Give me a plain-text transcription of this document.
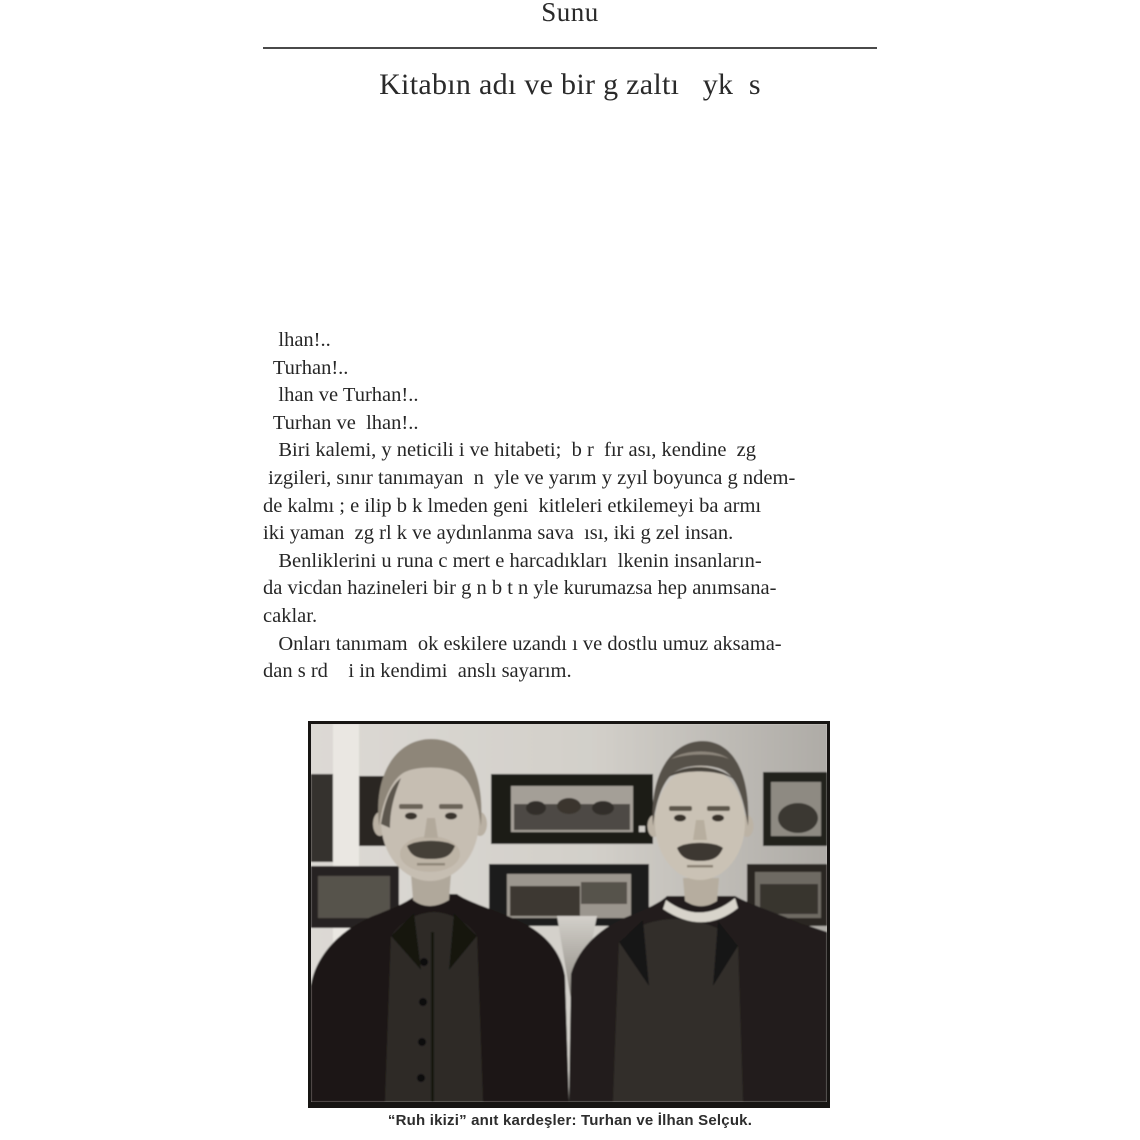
Sunu
Kitabın adı ve bir g zaltı   yk  s
lhan!..
Turhan!..
lhan ve Turhan!..
Turhan ve  lhan!..
Biri kalemi, y neticili i ve hitabeti;  b r  fır ası, kendine  zg
izgileri, sınır tanımayan  n  yle ve yarım y zyıl boyunca g ndem-
de kalmı ; e ilip b k lmeden geni  kitleleri etkilemeyi ba armı
iki yaman  zg rl k ve aydınlanma sava  ısı, iki g zel insan.
Benliklerini u runa c mert e harcadıkları  lkenin insanların-
da vicdan hazineleri bir g n b t n yle kurumazsa hep anımsana-
caklar.
Onları tanımam  ok eskilere uzandı ı ve dostlu umuz aksama-
dan s rd    i in kendimi  anslı sayarım.
“Ruh ikizi” anıt kardeşler: Turhan ve İlhan Selçuk.
